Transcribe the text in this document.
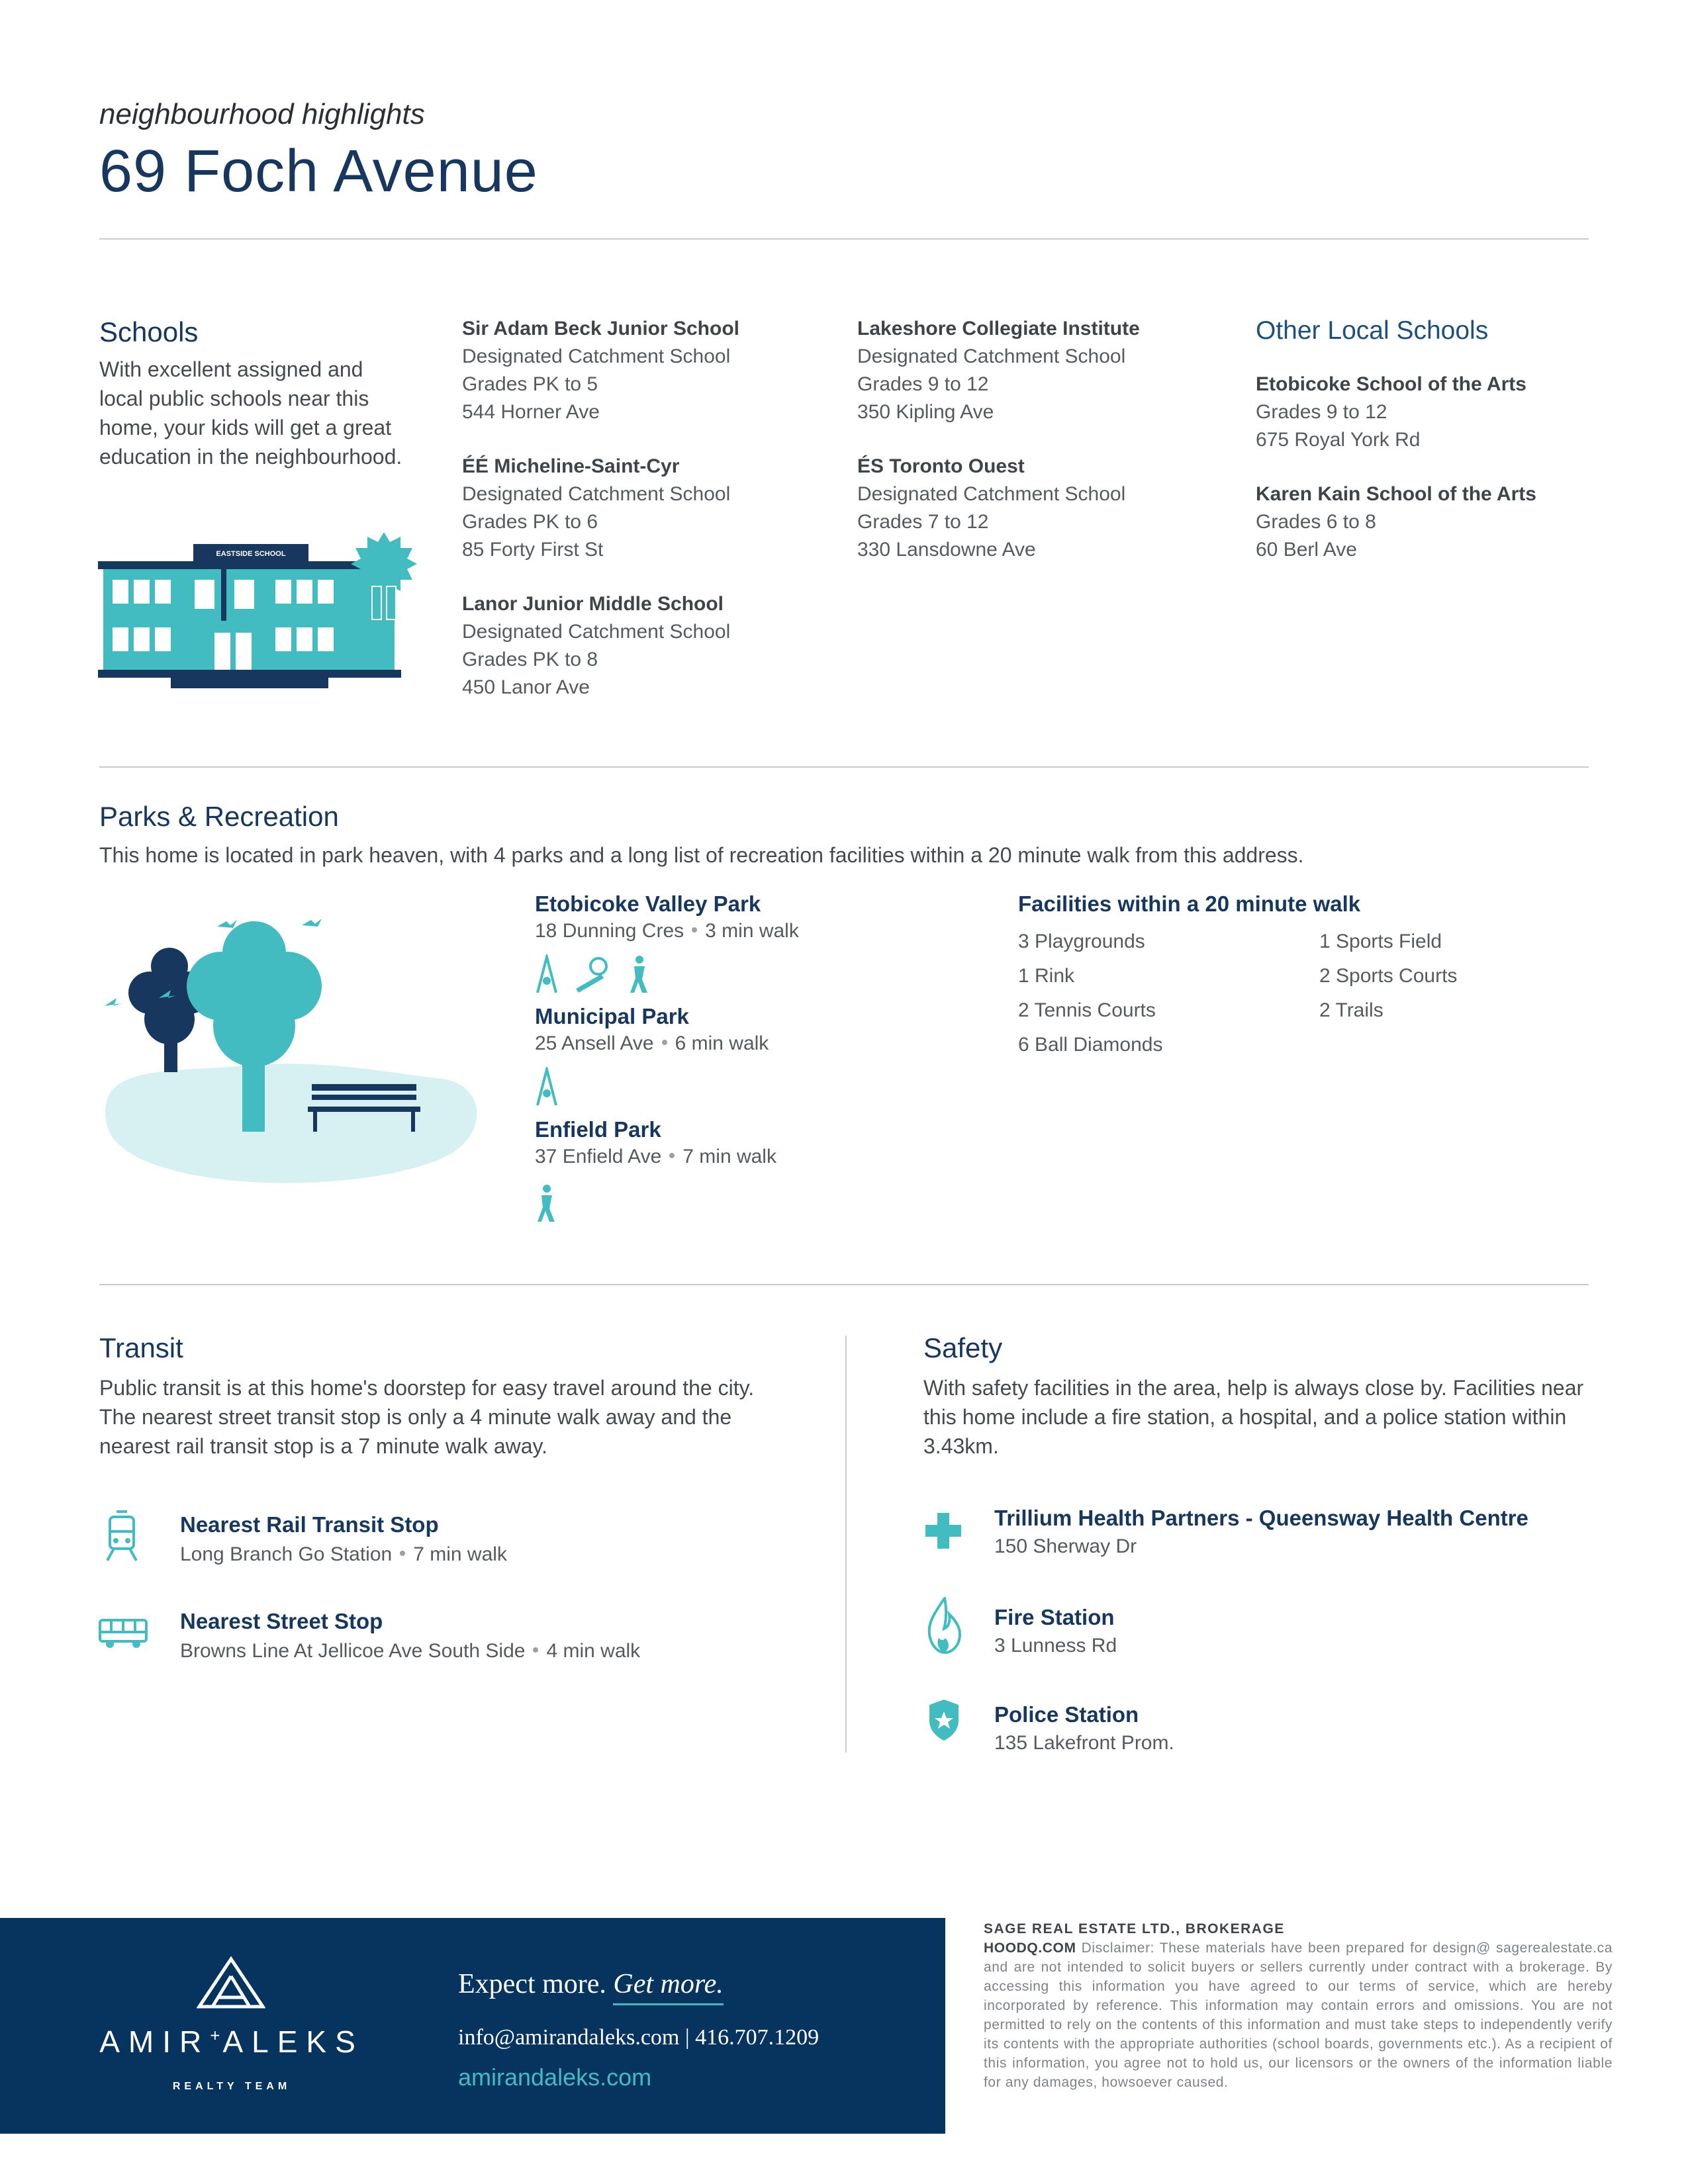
neighbourhood highlights
69 Foch Avenue
Schools
With excellent assigned and local public schools near this home, your kids will get a great education in the neighbourhood.
EASTSIDE SCHOOL
Sir Adam Beck Junior School
Designated Catchment School
Grades PK to 5
544 Horner Ave
ÉÉ Micheline-Saint-Cyr
Designated Catchment School
Grades PK to 6
85 Forty First St
Lanor Junior Middle School
Designated Catchment School
Grades PK to 8
450 Lanor Ave
Lakeshore Collegiate Institute
Designated Catchment School
Grades 9 to 12
350 Kipling Ave
ÉS Toronto Ouest
Designated Catchment School
Grades 7 to 12
330 Lansdowne Ave
Other Local Schools
Etobicoke School of the Arts
Grades 9 to 12
675 Royal York Rd
Karen Kain School of the Arts
Grades 6 to 8
60 Berl Ave
Parks & Recreation
This home is located in park heaven, with 4 parks and a long list of recreation facilities within a 20 minute walk from this address.
Etobicoke Valley Park
18 Dunning Cres 3 min walk
Municipal Park
25 Ansell Ave 6 min walk
Enfield Park
37 Enfield Ave 7 min walk
Facilities within a 20 minute walk
3 Playgrounds
1 Rink
2 Tennis Courts
6 Ball Diamonds
1 Sports Field
2 Sports Courts
2 Trails
Transit
Public transit is at this home's doorstep for easy travel around the city. The nearest street transit stop is only a 4 minute walk away and the nearest rail transit stop is a 7 minute walk away.
Nearest Rail Transit Stop
Long Branch Go Station 7 min walk
Nearest Street Stop
Browns Line At Jellicoe Ave South Side 4 min walk
Safety
With safety facilities in the area, help is always close by. Facilities near this home include a fire station, a hospital, and a police station within 3.43km.
Trillium Health Partners - Queensway Health Centre
150 Sherway Dr
Fire Station
3 Lunness Rd
Police Station
135 Lakefront Prom.
AMIR+ALEKS
REALTY TEAM
Expect more. Get more.
info@amirandaleks.com | 416.707.1209
amirandaleks.com
SAGE REAL ESTATE LTD., BROKERAGE
HOODQ.COM Disclaimer: These materials have been prepared for design@ sagerealestate.ca and are not intended to solicit buyers or sellers currently under contract with a brokerage. By accessing this information you have agreed to our terms of service, which are hereby incorporated by reference. This information may contain errors and omissions. You are not permitted to rely on the contents of this information and must take steps to independently verify its contents with the appropriate authorities (school boards, governments etc.). As a recipient of this information, you agree not to hold us, our licensors or the owners of the information liable for any damages, howsoever caused.
